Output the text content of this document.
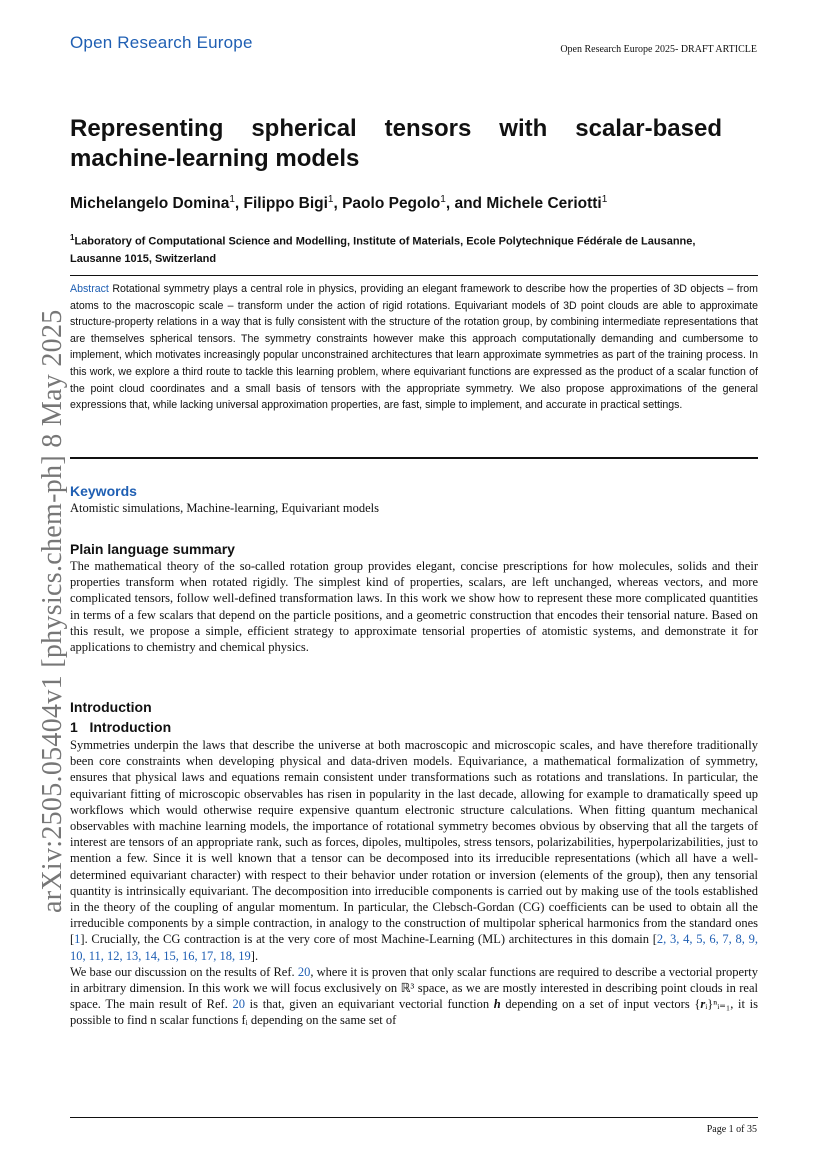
Open Research Europe	Open Research Europe 2025- DRAFT ARTICLE
arXiv:2505.05404v1 [physics.chem-ph] 8 May 2025
Representing spherical tensors with scalar-based machine-learning models
Michelangelo Domina$^1$, Filippo Bigi$^1$, Paolo Pegolo$^1$, and Michele Ceriotti$^1$
$^1$Laboratory of Computational Science and Modelling, Institute of Materials, Ecole Polytechnique Fédérale de Lausanne, Lausanne 1015, Switzerland
Abstract Rotational symmetry plays a central role in physics, providing an elegant framework to describe how the properties of 3D objects – from atoms to the macroscopic scale – transform under the action of rigid rotations. Equivariant models of 3D point clouds are able to approximate structure-property relations in a way that is fully consistent with the structure of the rotation group, by combining intermediate representations that are themselves spherical tensors. The symmetry constraints however make this approach computationally demanding and cumbersome to implement, which motivates increasingly popular unconstrained architectures that learn approximate symmetries as part of the training process. In this work, we explore a third route to tackle this learning problem, where equivariant functions are expressed as the product of a scalar function of the point cloud coordinates and a small basis of tensors with the appropriate symmetry. We also propose approximations of the general expressions that, while lacking universal approximation properties, are fast, simple to implement, and accurate in practical settings.
Keywords
Atomistic simulations, Machine-learning, Equivariant models
Plain language summary

The mathematical theory of the so-called rotation group provides elegant, concise prescriptions for how molecules, solids and their properties transform when rotated rigidly. The simplest kind of properties, scalars, are left unchanged, whereas vectors, and more complicated tensors, follow well-defined transformation laws. In this work we show how to represent these more complicated quantities in terms of a few scalars that depend on the particle positions, and a geometric construction that encodes their tensorial nature. Based on this result, we propose a simple, efficient strategy to approximate tensorial properties of atomistic systems, and demonstrate it for applications to chemistry and chemical physics.

Introduction
1 Introduction

Symmetries underpin the laws that describe the universe at both macroscopic and microscopic scales, and have therefore traditionally been core constraints when developing physical and data-driven models. Equivariance, a mathematical formalization of symmetry, ensures that physical laws and equations remain consistent under transformations such as rotations and translations. In particular, the equivariant fitting of microscopic observables has risen in popularity in the last decade, allowing for example to dramatically speed up workflows which would otherwise require expensive quantum electronic structure calculations. When fitting quantum mechanical observables with machine learning models, the importance of rotational symmetry becomes obvious by observing that all the targets of interest are tensors of an appropriate rank, such as forces, dipoles, multipoles, stress tensors, polarizabilities, hyperpolarizabilities, just to mention a few. Since it is well known that a tensor can be decomposed into its irreducible representations (which all have a well-determined equivariant character) with respect to their behavior under rotation or inversion (elements of the group), then any tensorial quantity is intrinsically equivariant. The decomposition into irreducible components is carried out by making use of the tools established in the theory of the coupling of angular momentum. In particular, the Clebsch-Gordan (CG) coefficients can be used to obtain all the irreducible components by a simple contraction, in analogy to the construction of multipolar spherical harmonics from the standard ones [1]. Crucially, the CG contraction is at the very core of most Machine-Learning (ML) architectures in this domain [2, 3, 4, 5, 6, 7, 8, 9, 10, 11, 12, 13, 14, 15, 16, 17, 18, 19].

We base our discussion on the results of Ref. 20, where it is proven that only scalar functions are required to describe a vectorial property in arbitrary dimension. In this work we will focus exclusively on ℝ³ space, as we are mostly interested in describing point clouds in real space. The main result of Ref. 20 is that, given an equivariant vectorial function h depending on a set of input vectors {rᵢ}ⁿᵢ₌₁, it is possible to find n scalar functions fᵢ depending on the same set of

Page 1 of 35
